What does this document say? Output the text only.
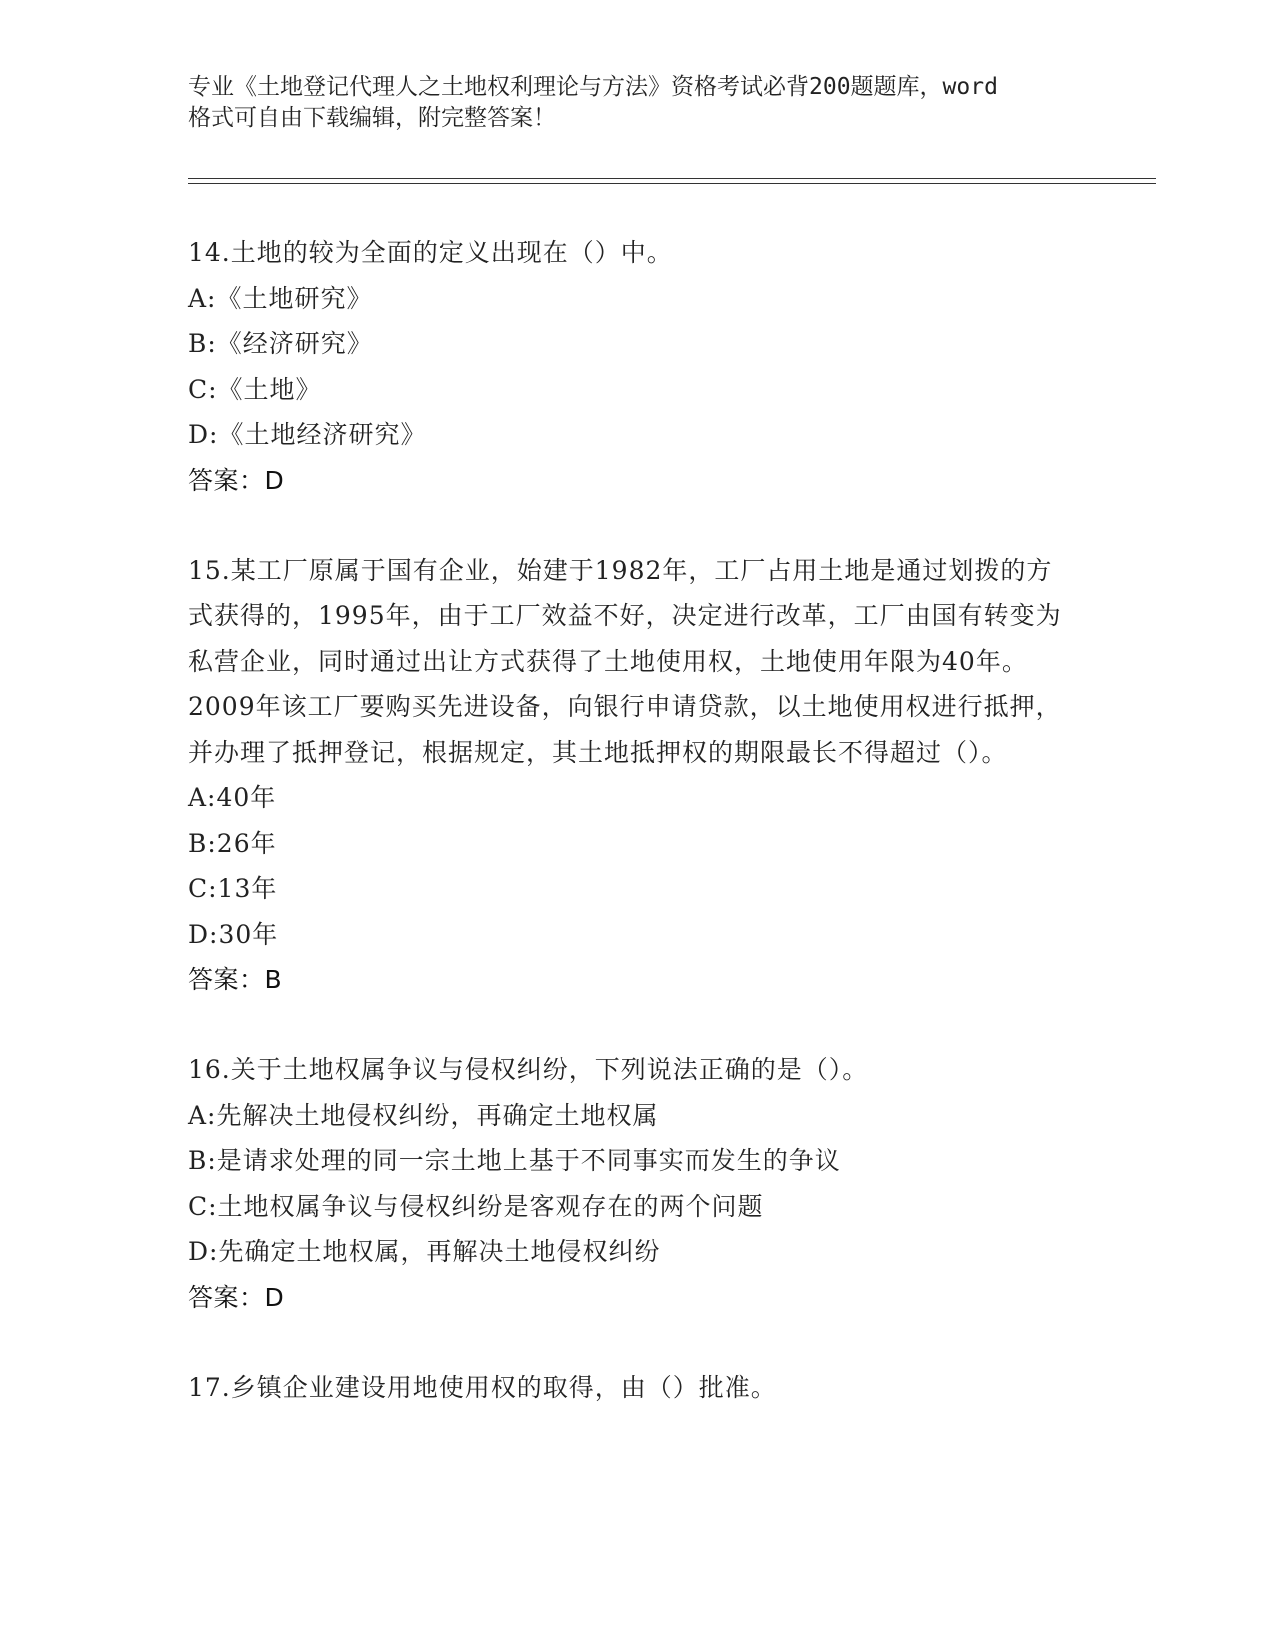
专业《土地登记代理人之土地权利理论与方法》资格考试必背200题题库，word
格式可自由下载编辑，附完整答案！

14.土地的较为全面的定义出现在（）中。

A:《土地研究》

B:《经济研究》

C:《土地》

D:《土地经济研究》

答案：D

15.某工厂原属于国有企业，始建于1982年，工厂占用土地是通过划拨的方式获得的，1995年，由于工厂效益不好，决定进行改革，工厂由国有转变为私营企业，同时通过出让方式获得了土地使用权，土地使用年限为40年。2009年该工厂要购买先进设备，向银行申请贷款，以土地使用权进行抵押，并办理了抵押登记，根据规定，其土地抵押权的期限最长不得超过（）。

A:40年

B:26年

C:13年

D:30年

答案：B

16.关于土地权属争议与侵权纠纷，下列说法正确的是（）。

A:先解决土地侵权纠纷，再确定土地权属

B:是请求处理的同一宗土地上基于不同事实而发生的争议

C:土地权属争议与侵权纠纷是客观存在的两个问题

D:先确定土地权属，再解决土地侵权纠纷

答案：D

17.乡镇企业建设用地使用权的取得，由（）批准。
